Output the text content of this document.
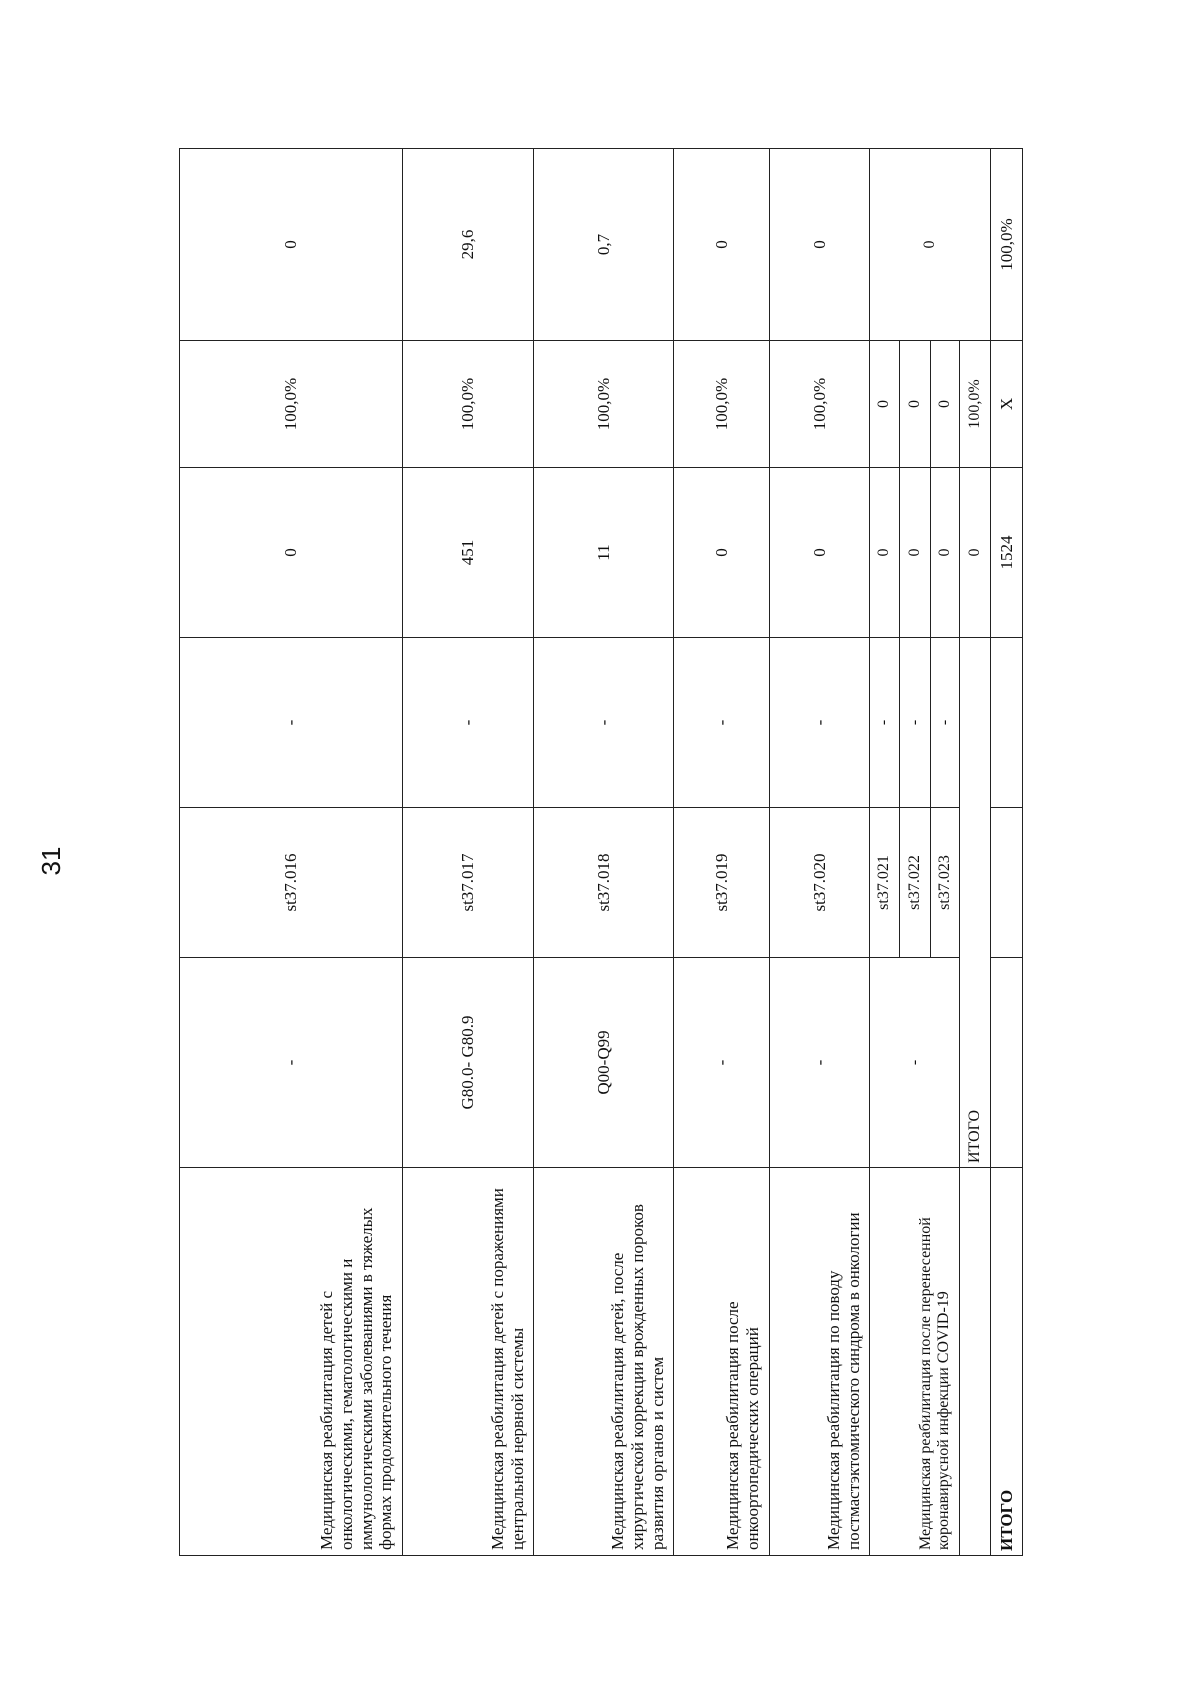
31
Медицинская реабилитация детей с онкологическими, гематологическими и иммунологическими заболеваниями в тяжелых формах продолжительного течения	-	st37.016	-	0	100,0%	0
Медицинская реабилитация детей с поражениями центральной нервной системы	G80.0- G80.9	st37.017	-	451	100,0%	29,6
Медицинская реабилитация детей, после хирургической коррекции врожденных пороков развития органов и систем	Q00-Q99	st37.018	-	11	100,0%	0,7
Медицинская реабилитация после онкоортопедических операций	-	st37.019	-	0	100,0%	0
Медицинская реабилитация по поводу постмастэктомического синдрома в онкологии	-	st37.020	-	0	100,0%	0
Медицинская реабилитация после перенесенной коронавирусной инфекции COVID-19	-	st37.021	-	0	0	0
		st37.022	-	0	0	
		st37.023	-	0	0	
	ИТОГО			0	100,0%	
ИТОГО				1524	X	100,0%
